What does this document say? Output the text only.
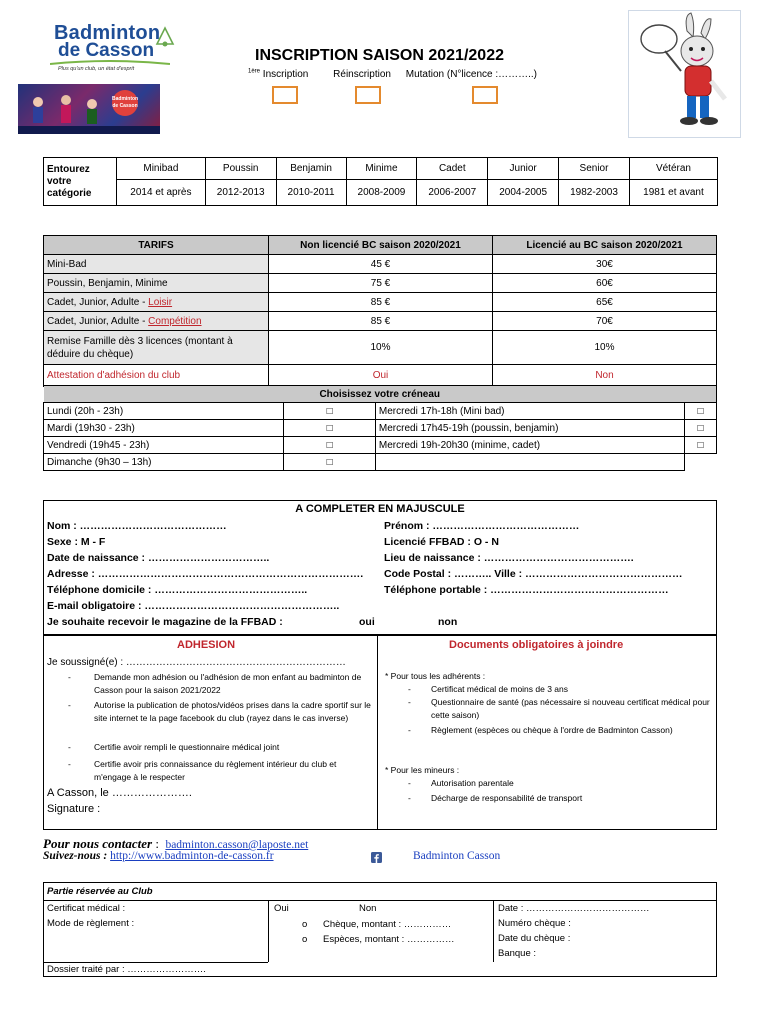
Badminton
de Casson
Plus qu'un club, un état d'esprit
Badminton de Casson
INSCRIPTION SAISON 2021/2022
$^{1ère}$ Inscription Réinscription Mutation (N°licence :………..)
Entourez votre catégorie	Minibad	Poussin	Benjamin	Minime	Cadet	Junior	Senior	Vétéran
	2014 et après	2012-2013	2010-2011	2008-2009	2006-2007	2004-2005	1982-2003	1981 et avant
TARIFS	Non licencié BC saison 2020/2021	Licencié au BC saison 2020/2021
Mini-Bad	45 €	30€
Poussin, Benjamin, Minime	75 €	60€
Cadet, Junior, Adulte - Loisir	85 €	65€
Cadet, Junior, Adulte - Compétition	85 €	70€
Remise Famille dès 3 licences (montant à déduire du chèque)	10%	10%
Attestation d'adhésion du club	Oui	Non
Choisissez votre créneau			
Lundi (20h - 23h)	□	Mercredi 17h-18h (Mini bad)	□
Mardi (19h30 - 23h)	□	Mercredi 17h45-19h (poussin, benjamin)	□
Vendredi (19h45 - 23h)	□	Mercredi 19h-20h30 (minime, cadet)	□
Dimanche (9h30 – 13h)	□		
A COMPLETER EN MAJUSCULE
Nom : ……………………………………	Prénom : ……………………………………
Sexe : M - F	Licencié FFBAD : O - N
Date de naissance : ……………………………..	Lieu de naissance : …………………………………….
Adresse : …………………………………………………………………. Code Postal : ……….. Ville : ………………………………………
Téléphone domicile : ……………………………………..	Téléphone portable : ……………………………………………
E-mail obligatoire : ………………………………………………..
Je souhaite recevoir le magazine de la FFBAD :	oui	non
ADHESION
Je soussigné(e) : …………………………………………………………
-	Demande mon adhésion ou l'adhésion de mon enfant au badminton de Casson pour la saison 2021/2022
-	Autorise la publication de photos/vidéos prises dans la cadre sportif sur le site internet te la page facebook du club (rayez dans le cas inverse)
-	Certifie avoir rempli le questionnaire médical joint
-	Certifie avoir pris connaissance du règlement intérieur du club et m'engage à le respecter
A Casson, le ………………….
Signature :
Documents obligatoires à joindre
* Pour tous les adhérents :
- Certificat médical de moins de 3 ans
- Questionnaire de santé (pas nécessaire si nouveau certificat médical pour cette saison)
- Règlement (espèces ou chèque à l'ordre de Badminton Casson)
* Pour les mineurs :
- Autorisation parentale
- Décharge de responsabilité de transport
Pour nous contacter :  badminton.casson@laposte.net
Suivez-nous : http://www.badminton-de-casson.fr	Badminton Casson
Partie réservée au Club
Certificat médical :	Oui	Non
Mode de règlement :	o Chèque, montant : ……………
o Espèces, montant : ……………
Date : …………………………………
Numéro chèque :
Date du chèque :
Banque :
Dossier traité par : …………………….
